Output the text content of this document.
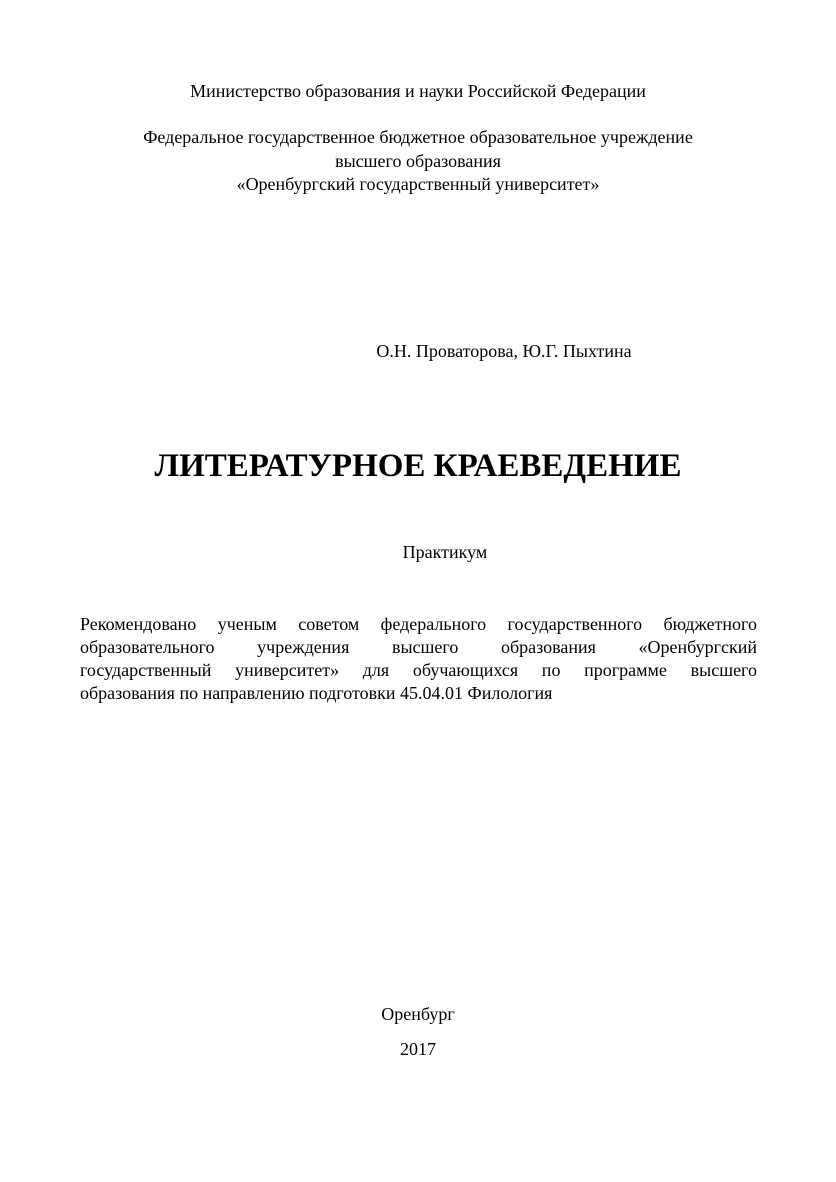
Министерство образования и науки Российской Федерации
Федеральное государственное бюджетное образовательное учреждение
высшего образования
«Оренбургский государственный университет»
О.Н. Проваторова, Ю.Г. Пыхтина
ЛИТЕРАТУРНОЕ КРАЕВЕДЕНИЕ
Практикум
Рекомендовано ученым советом федерального государственного бюджетного
образовательного учреждения высшего образования «Оренбургский
государственный университет» для обучающихся по программе высшего
образования по направлению подготовки 45.04.01 Филология
Оренбург
2017
